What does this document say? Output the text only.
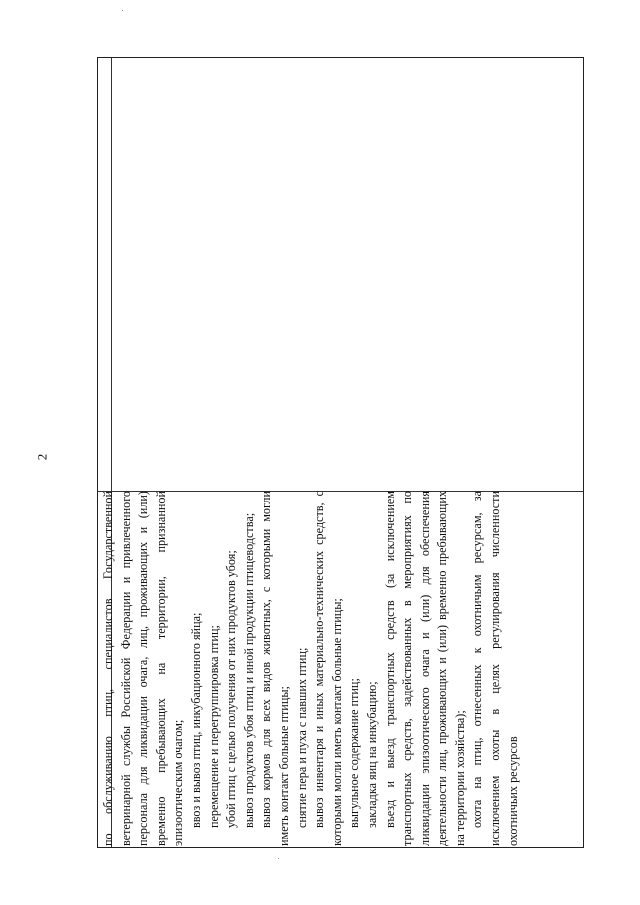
2

по обслуживанию птиц, специалистов Государственной ветеринарной службы Российской Федерации и привлеченного персонала для ликвидации очага, лиц, проживающих и (или) временно пребывающих на территории, признанной эпизоотическим очагом; ввоз и вывоз птиц, инкубационного яйца; перемещение и перегруппировка птиц; убой птиц с целью получения от них продуктов убоя; вывоз продуктов убоя птиц и иной продукции птицеводства; вывоз кормов для всех видов животных, с которыми могли иметь контакт больные птицы; снятие пера и пуха с павших птиц; вывоз инвентаря и иных материально-технических средств, с которыми могли иметь контакт больные птицы; выгульное содержание птиц; закладка яиц на инкубацию; въезд и выезд транспортных средств (за исключением транспортных средств, задействованных в мероприятиях по ликвидации эпизоотического очага и (или) для обеспечения деятельности лиц, проживающих и (или) временно пребывающих на территории хозяйства); охота на птиц, отнесенных к охотничьим ресурсам, за исключением охоты в целях регулирования численности охотничьих ресурсов
